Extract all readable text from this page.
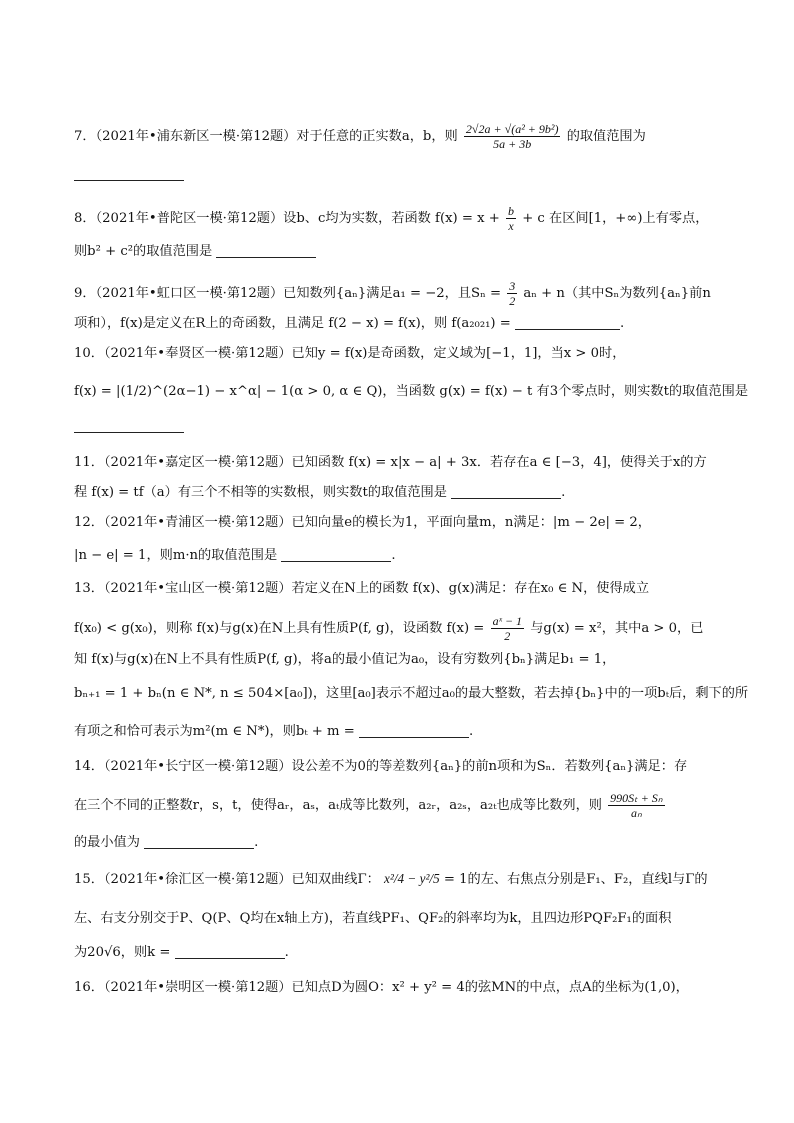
7．（2021年•浦东新区一模·第12题）对于任意的正实数a，b，则 $\frac{\text{2√2a + √(a² + 9b²)}}{5a + 3b}$ 的取值范围为
8．（2021年•普陀区一模·第12题）设b、c均为实数，若函数 $f(x) = x + \frac{b}{x} + c$ 在区间[1，+∞)上有零点，
则b² + c²的取值范围是
9．（2021年•虹口区一模·第12题）已知数列{aₙ}满足a₁ = −2，且$S_n = \frac{3}{2}$ aₙ + n（其中Sₙ为数列{aₙ}前n
项和），f(x)是定义在R上的奇函数，且满足 f(2 − x) = f(x)，则 f(a₂₀₂₁) =	.
10．（2021年•奉贤区一模·第12题）已知y = f(x)是奇函数，定义域为[−1，1]，当x > 0时，
f(x) = |(1/2)^(2α−1) − x^α| − 1(α > 0, α ∈ Q)，当函数 g(x) = f(x) − t 有3个零点时，则实数t的取值范围是
11．（2021年•嘉定区一模·第12题）已知函数 f(x) = x|x − a| + 3x．若存在a ∈ [−3，4]，使得关于x的方
程 f(x) = tf（a）有三个不相等的实数根，则实数t的取值范围是	.
12．（2021年•青浦区一模·第12题）已知向量e的模长为1，平面向量m，n满足：|m − 2e| = 2，
|n − e| = 1，则m·n的取值范围是	.
13．（2021年•宝山区一模·第12题）若定义在N上的函数 f(x)、g(x)满足：存在x₀ ∈ N，使得成立
f(x₀) < g(x₀)，则称 f(x)与g(x)在N上具有性质P(f, g)，设函数 $f(x) = \frac{\text{aˣ − 1}}{2}$ 与g(x) = x²，其中a > 0，已
知 f(x)与g(x)在N上不具有性质P(f, g)，将a的最小值记为a₀，设有穷数列{bₙ}满足b₁ = 1，
bₙ₊₁ = 1 + bₙ(n ∈ N*, n ≤ 504×[a₀])，这里[a₀]表示不超过a₀的最大整数，若去掉{bₙ}中的一项bₜ后，剩下的所
有项之和恰可表示为m²(m ∈ N*)，则bₜ + m =	.
14．（2021年•长宁区一模·第12题）设公差不为0的等差数列{aₙ}的前n项和为Sₙ．若数列{aₙ}满足：存
在三个不同的正整数r，s，t，使得aᵣ，aₛ，aₜ成等比数列，a₂ᵣ，a₂ₛ，a₂ₜ也成等比数列，则 $\frac{\text{990Sₜ + Sₙ}}{\text{aₙ}}$
的最小值为	.
15．（2021年•徐汇区一模·第12题）已知双曲线Γ： x²/4 − y²/5 = 1的左、右焦点分别是F₁、F₂，直线l与Γ的
左、右支分别交于P、Q(P、Q均在x轴上方)，若直线PF₁、QF₂的斜率均为k，且四边形PQF₂F₁的面积
为20√6，则k =	.
16．（2021年•崇明区一模·第12题）已知点D为圆O：x² + y² = 4的弦MN的中点，点A的坐标为(1,0)，
